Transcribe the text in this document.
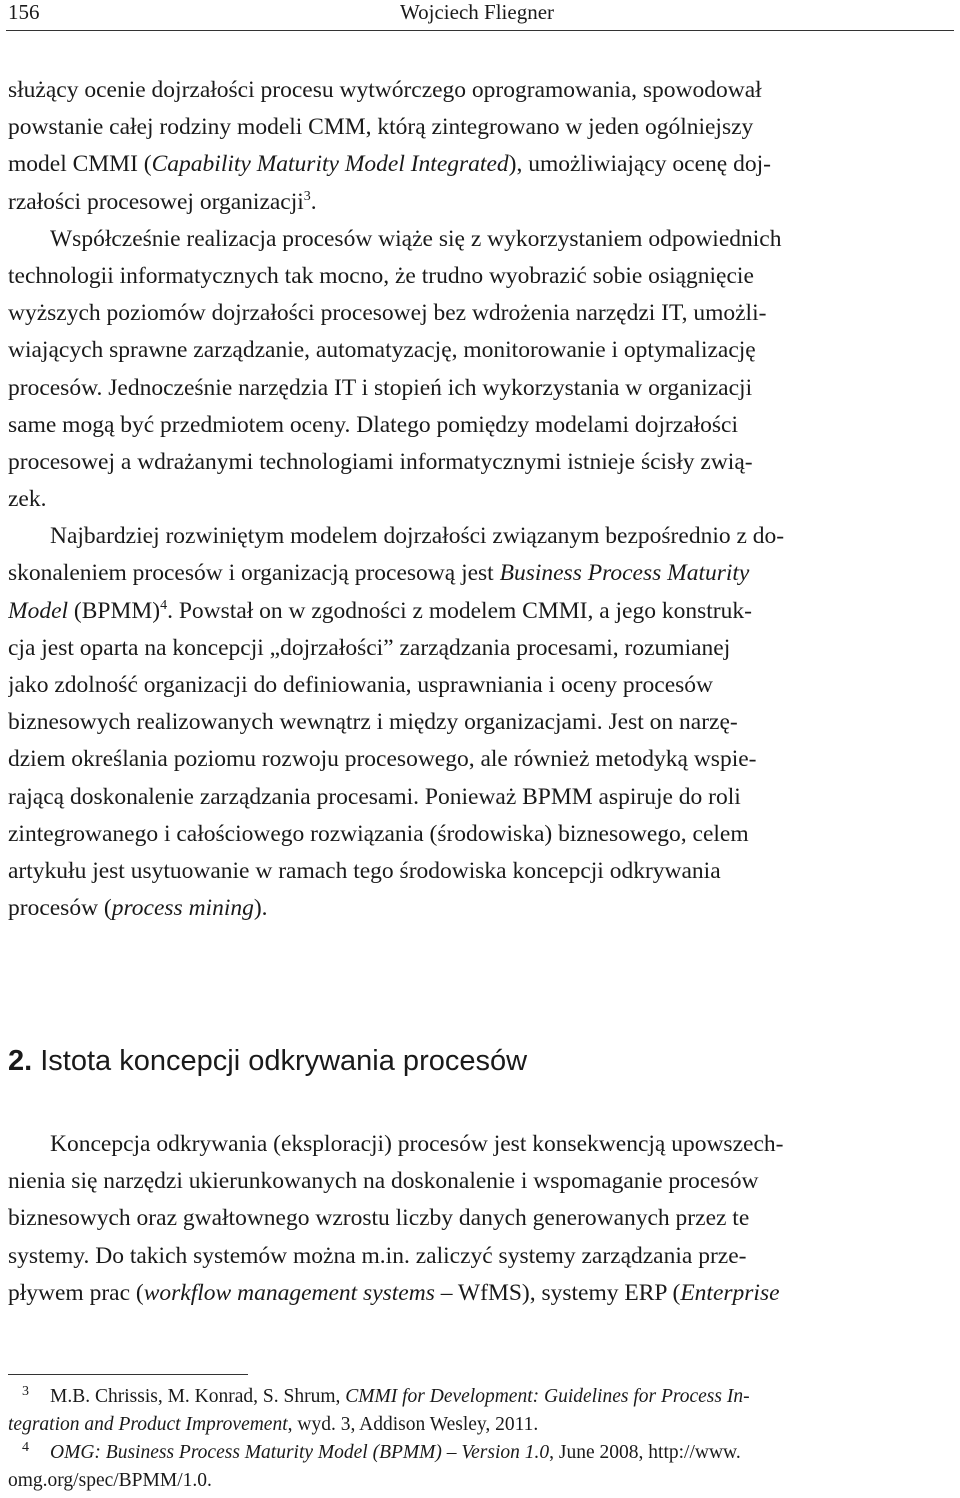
156	Wojciech Fliegner
służący ocenie dojrzałości procesu wytwórczego oprogramowania, spowodował
powstanie całej rodziny modeli CMM, którą zintegrowano w jeden ogólniejszy
model CMMI (Capability Maturity Model Integrated), umożliwiający ocenę doj-
rzałości procesowej organizacji$^3$.
Współcześnie realizacja procesów wiąże się z wykorzystaniem odpowiednich
technologii informatycznych tak mocno, że trudno wyobrazić sobie osiągnięcie
wyższych poziomów dojrzałości procesowej bez wdrożenia narzędzi IT, umożli-
wiających sprawne zarządzanie, automatyzację, monitorowanie i optymalizację
procesów. Jednocześnie narzędzia IT i stopień ich wykorzystania w organizacji
same mogą być przedmiotem oceny. Dlatego pomiędzy modelami dojrzałości
procesowej a wdrażanymi technologiami informatycznymi istnieje ścisły zwią-
zek.
Najbardziej rozwiniętym modelem dojrzałości związanym bezpośrednio z do-
skonaleniem procesów i organizacją procesową jest Business Process Maturity
Model (BPMM)$^4$. Powstał on w zgodności z modelem CMMI, a jego konstruk-
cja jest oparta na koncepcji „dojrzałości” zarządzania procesami, rozumianej
jako zdolność organizacji do definiowania, usprawniania i oceny procesów
biznesowych realizowanych wewnątrz i między organizacjami. Jest on narzę-
dziem określania poziomu rozwoju procesowego, ale również metodyką wspie-
rającą doskonalenie zarządzania procesami. Ponieważ BPMM aspiruje do roli
zintegrowanego i całościowego rozwiązania (środowiska) biznesowego, celem
artykułu jest usytuowanie w ramach tego środowiska koncepcji odkrywania
procesów (process mining).
2. Istota koncepcji odkrywania procesów
Koncepcja odkrywania (eksploracji) procesów jest konsekwencją upowszech-
nienia się narzędzi ukierunkowanych na doskonalenie i wspomaganie procesów
biznesowych oraz gwałtownego wzrostu liczby danych generowanych przez te
systemy. Do takich systemów można m.in. zaliczyć systemy zarządzania prze-
pływem prac (workflow management systems – WfMS), systemy ERP (Enterprise
3 M.B. Chrissis, M. Konrad, S. Shrum, CMMI for Development: Guidelines for Process In-
tegration and Product Improvement, wyd. 3, Addison Wesley, 2011.
4 OMG: Business Process Maturity Model (BPMM) – Version 1.0, June 2008, http://www.
omg.org/spec/BPMM/1.0.
